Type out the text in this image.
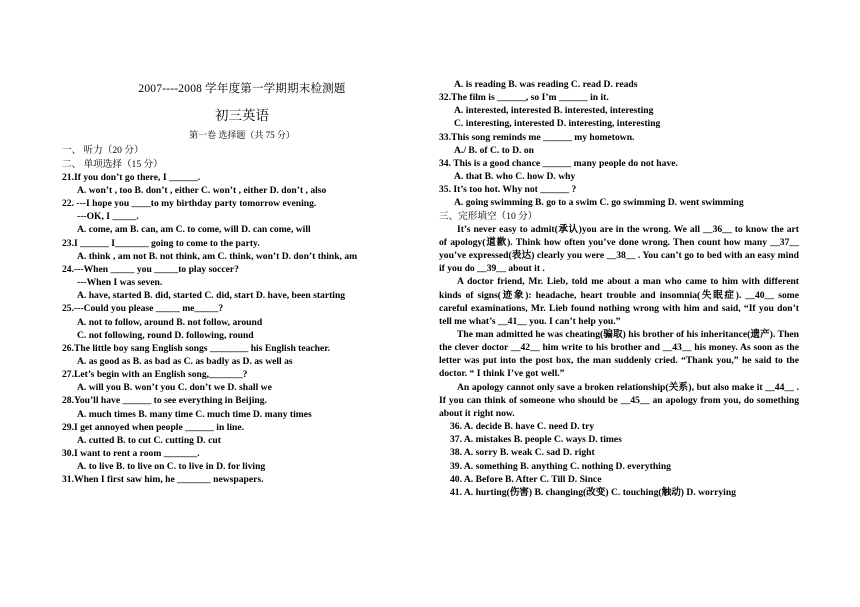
2007----2008 学年度第一学期期末检测题
初三英语
第一卷 选择题（共 75 分）
一、 听力（20 分）
二、 单项选择（15 分）
21.If you don’t go there, I ______.
A. won’t , too B. don’t , either C. won’t , either D. don’t , also
22. ---I hope you ____to my birthday party tomorrow evening.
---OK, I _____.
A. come, am B. can, am C. to come, will D. can come, will
23.I ______ I_______ going to come to the party.
A. think , am not B. not think, am C. think, won’t D. don’t think, am
24.---When _____ you _____to play soccer?
---When I was seven.
A. have, started B. did, started C. did, start D. have, been starting
25.---Could you please _____ me_____?
A. not to follow, around B. not follow, around
C. not following, round D. following, round
26.The little boy sang English songs ________ his English teacher.
A. as good as B. as bad as C. as badly as D. as well as
27.Let’s begin with an English song,_______?
A. will you B. won’t you C. don’t we D. shall we
28.You’ll have ______ to see everything in Beijing.
A. much times B. many time C. much time D. many times
29.I get annoyed when people ______ in line.
A. cutted B. to cut C. cutting D. cut
30.I want to rent a room _______.
A. to live B. to live on C. to live in D. for living
31.When I first saw him, he _______ newspapers.
A. is reading B. was reading C. read D. reads
32.The film is ______, so I’m ______ in it.
A. interested, interested B. interested, interesting
C. interesting, interested D. interesting, interesting
33.This song reminds me ______ my hometown.
A./ B. of C. to D. on
34. This is a good chance ______ many people do not have.
A. that B. who C. how D. why
35. It’s too hot. Why not ______ ?
A. going swimming B. go to a swim C. go swimming D. went swimming
三、完形填空（10 分）
It’s never easy to admit(承认)you are in the wrong. We all __36__ to know the art of apology(道歉). Think how often you’ve done wrong. Then count how many __37__ you’ve expressed(表达) clearly you were __38__ . You can’t go to bed with an easy mind if you do __39__ about it .
A doctor friend, Mr. Lieb, told me about a man who came to him with different kinds of signs(迹象): headache, heart trouble and insomnia(失眠症). __40__ some careful examinations, Mr. Lieb found nothing wrong with him and said, “If you don’t tell me what’s __41__ you. I can’t help you.”
The man admitted he was cheating(骗取) his brother of his inheritance(遗产). Then the clever doctor __42__ him write to his brother and __43__ his money. As soon as the letter was put into the post box, the man suddenly cried. “Thank you,” he said to the doctor. “ I think I’ve got well.”
An apology cannot only save a broken relationship(关系), but also make it __44__ . If you can think of someone who should be __45__ an apology from you, do something about it right now.
36. A. decide B. have C. need D. try
37. A. mistakes B. people C. ways D. times
38. A. sorry B. weak C. sad D. right
39. A. something B. anything C. nothing D. everything
40. A. Before B. After C. Till D. Since
41. A. hurting(伤害) B. changing(改变) C. touching(触动) D. worrying
